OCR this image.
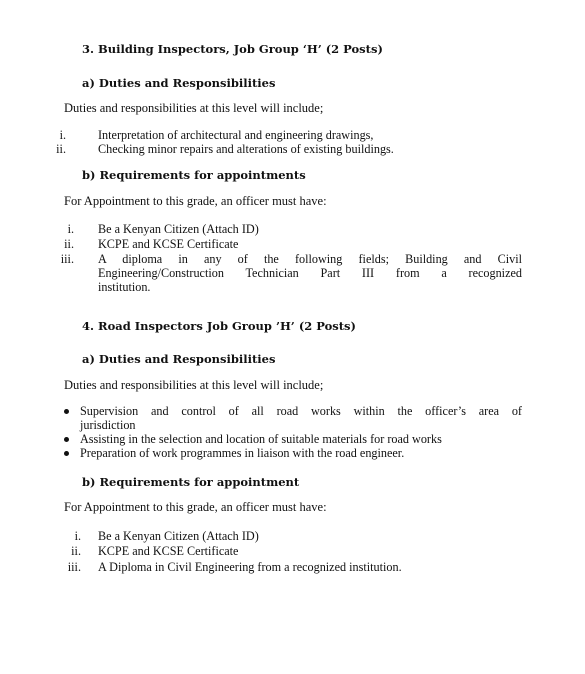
3. Building Inspectors, Job Group ‘H’ (2 Posts)
a) Duties and Responsibilities
Duties and responsibilities at this level will include;
i.	Interpretation of architectural and engineering drawings,
ii.	Checking minor repairs and alterations of existing buildings.
b) Requirements for appointments
For Appointment to this grade, an officer must have:
i. Be a Kenyan Citizen (Attach ID)
ii. KCPE and KCSE Certificate
iii. A diploma in any of the following fields; Building and Civil
Engineering/Construction Technician Part III from a recognized
institution.
4. Road Inspectors Job Group ’H’ (2 Posts)
a) Duties and Responsibilities
Duties and responsibilities at this level will include;
Supervision and control of all road works within the officer’s area of
jurisdiction
Assisting in the selection and location of suitable materials for road works
Preparation of work programmes in liaison with the road engineer.
b) Requirements for appointment
For Appointment to this grade, an officer must have:
i. Be a Kenyan Citizen (Attach ID)
ii. KCPE and KCSE Certificate
iii. A Diploma in Civil Engineering from a recognized institution.
